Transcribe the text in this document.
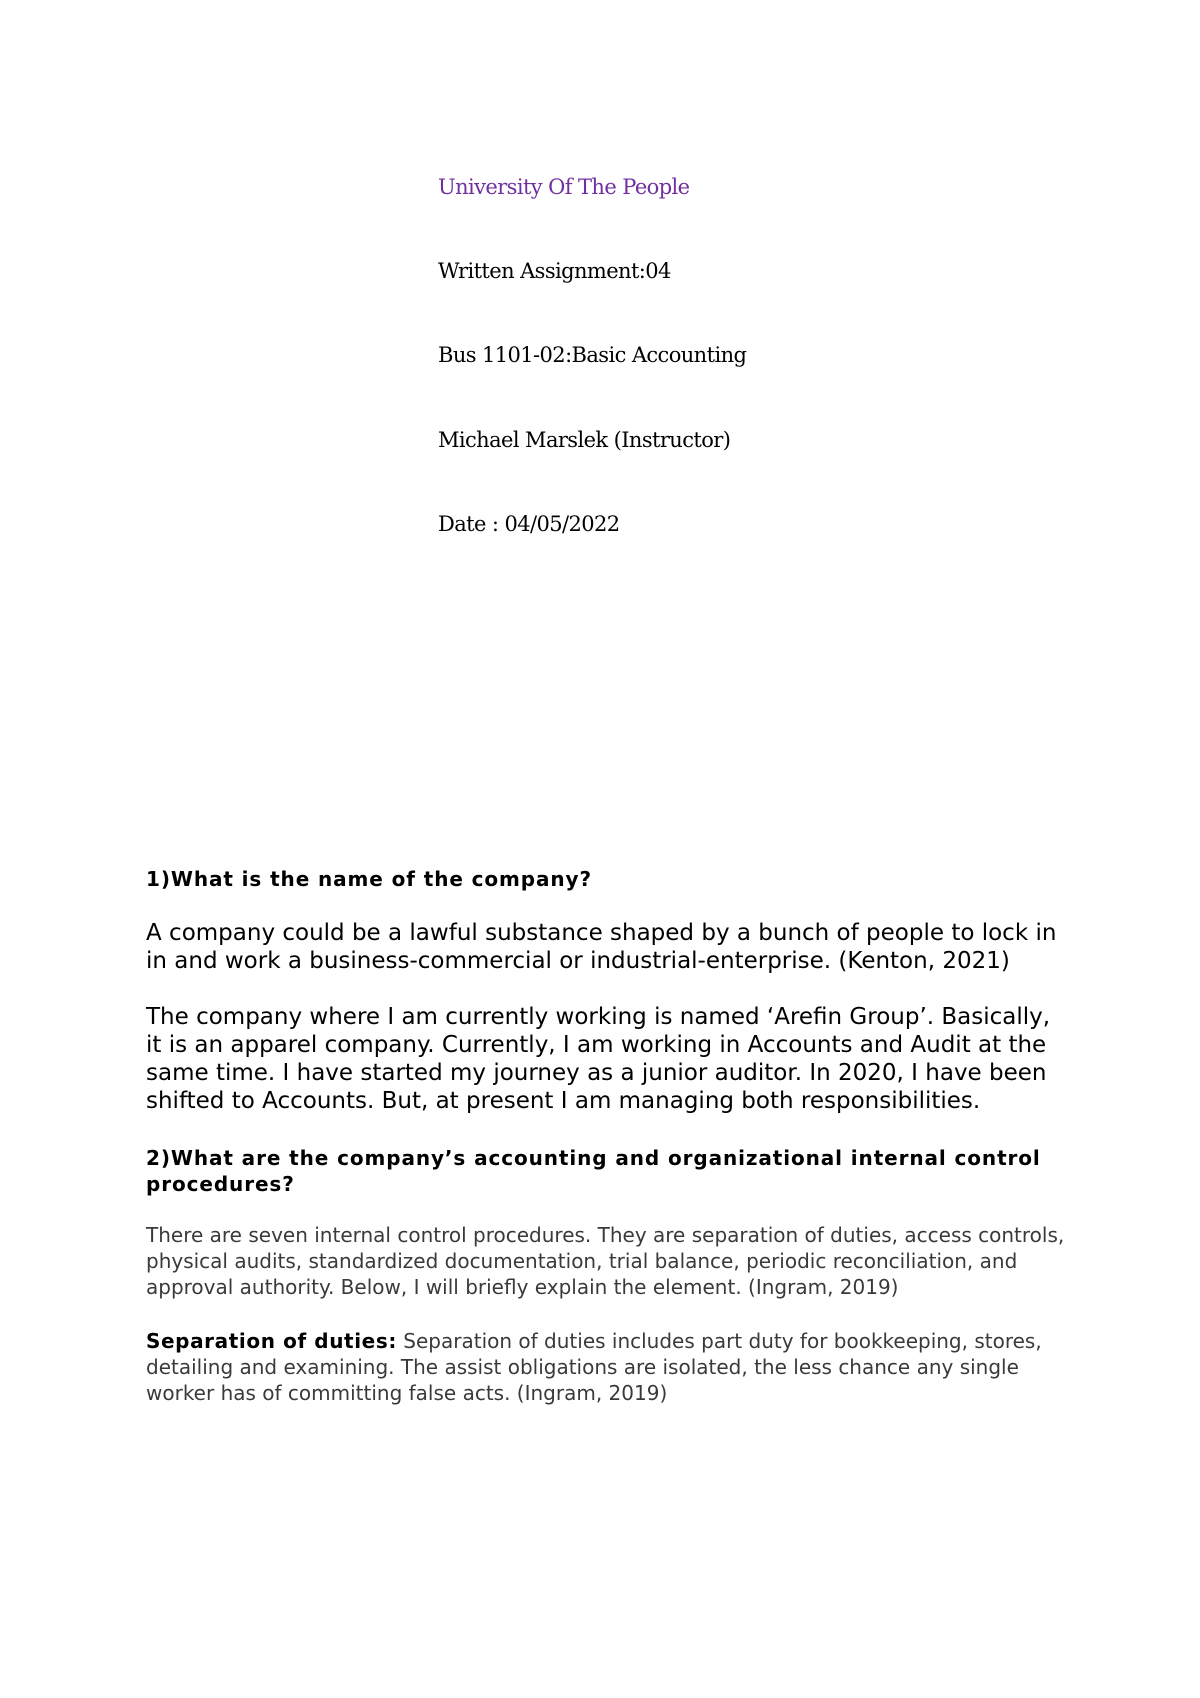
University Of The People
Written Assignment:04
Bus 1101-02:Basic Accounting
Michael Marslek (Instructor)
Date : 04/05/2022

1)What is the name of the company?

A company could be a lawful substance shaped by a bunch of people to lock in in and work a business-commercial or industrial-enterprise. (Kenton, 2021)

The company where I am currently working is named ‘Arefin Group’. Basically, it is an apparel company. Currently, I am working in Accounts and Audit at the same time. I have started my journey as a junior auditor. In 2020, I have been shifted to Accounts. But, at present I am managing both responsibilities.

2)What are the company’s accounting and organizational internal control procedures?

There are seven internal control procedures. They are separation of duties, access controls, physical audits, standardized documentation, trial balance, periodic reconciliation, and approval authority. Below, I will briefly explain the element. (Ingram, 2019)

Separation of duties: Separation of duties includes part duty for bookkeeping, stores, detailing and examining. The assist obligations are isolated, the less chance any single worker has of committing false acts. (Ingram, 2019)
